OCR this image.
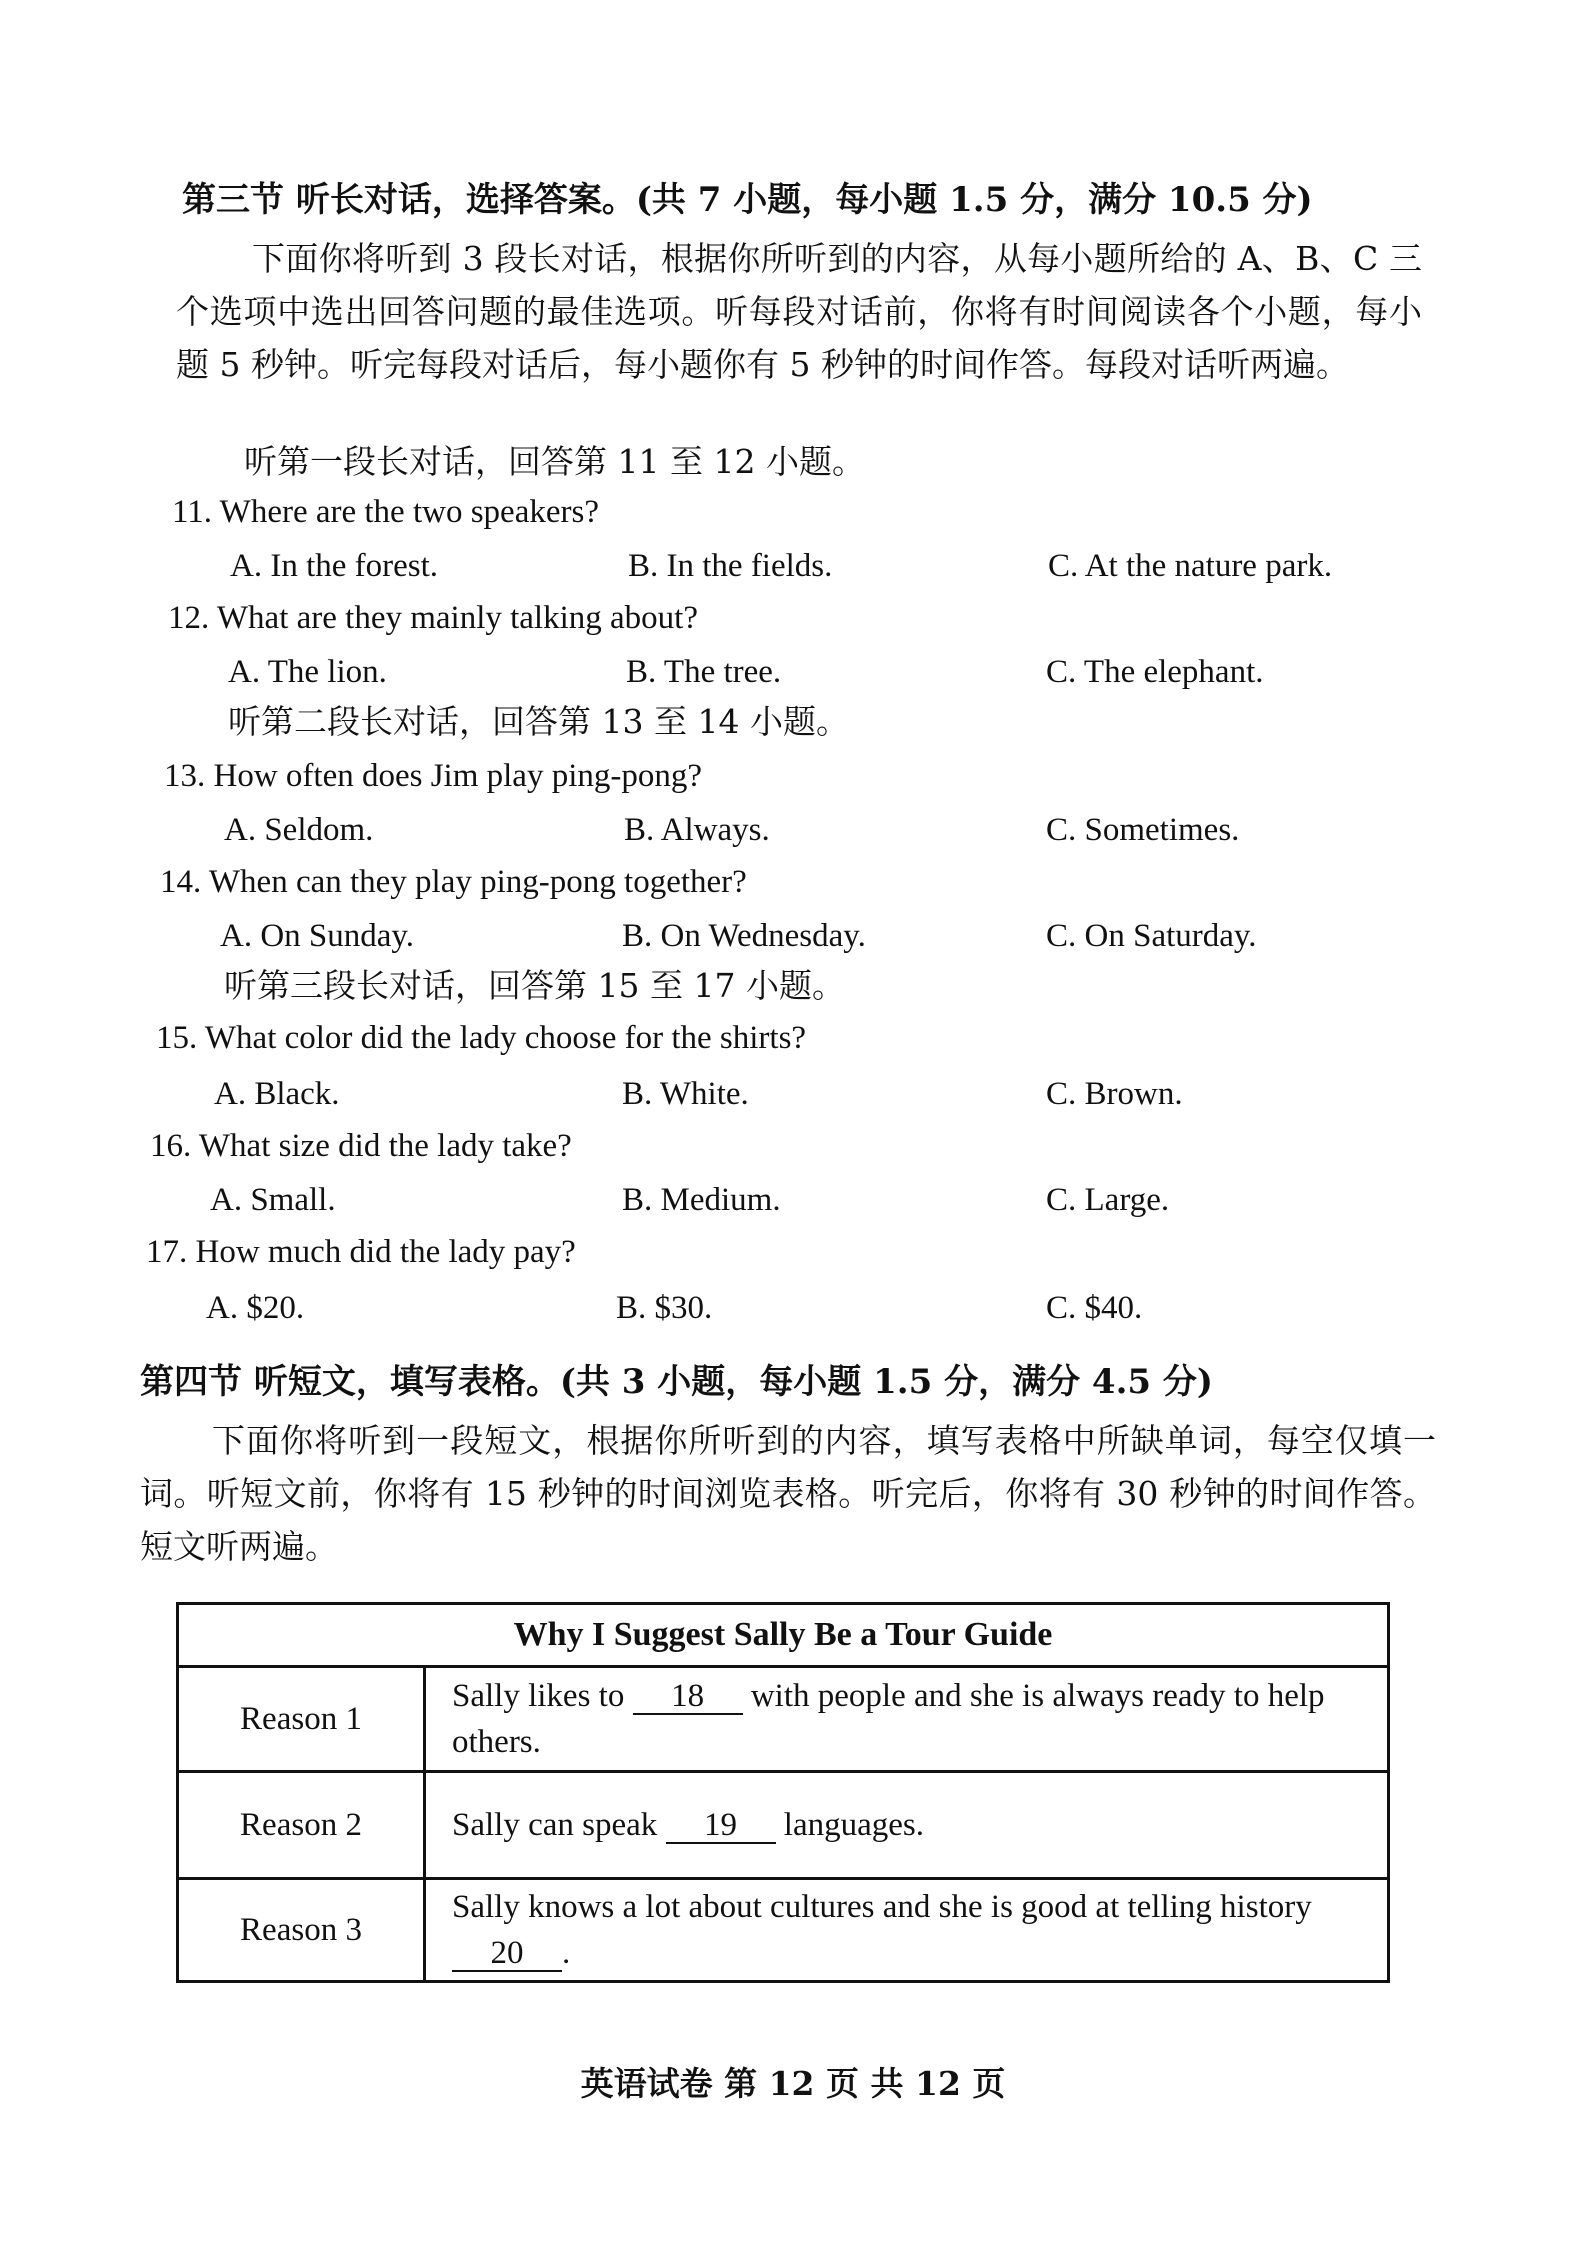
第三节 听长对话，选择答案。(共 7 小题，每小题 1.5 分，满分 10.5 分)
下面你将听到 3 段长对话，根据你所听到的内容，从每小题所给的 A、B、C 三个选项中选出回答问题的最佳选项。听每段对话前，你将有时间阅读各个小题，每小题 5 秒钟。听完每段对话后，每小题你有 5 秒钟的时间作答。每段对话听两遍。
听第一段长对话，回答第 11 至 12 小题。
11. Where are the two speakers?
A. In the forest.	B. In the fields.	C. At the nature park.
12. What are they mainly talking about?
A. The lion.	B. The tree.	C. The elephant.
听第二段长对话，回答第 13 至 14 小题。
13. How often does Jim play ping-pong?
A. Seldom.	B. Always.	C. Sometimes.
14. When can they play ping-pong together?
A. On Sunday.	B. On Wednesday.	C. On Saturday.
听第三段长对话，回答第 15 至 17 小题。
15. What color did the lady choose for the shirts?
A. Black.	B. White.	C. Brown.
16. What size did the lady take?
A. Small.	B. Medium.	C. Large.
17. How much did the lady pay?
A. $20.	B. $30.	C. $40.
第四节 听短文，填写表格。(共 3 小题，每小题 1.5 分，满分 4.5 分)
下面你将听到一段短文，根据你所听到的内容，填写表格中所缺单词，每空仅填一词。听短文前，你将有 15 秒钟的时间浏览表格。听完后，你将有 30 秒钟的时间作答。短文听两遍。
Why I Suggest Sally Be a Tour Guide	
Reason 1	Sally likes to 18 with people and she is always ready to help others.
Reason 2	Sally can speak 19 languages.
Reason 3	Sally knows a lot about cultures and she is good at telling history 20 .
英语试卷 第 12 页 共 12 页
